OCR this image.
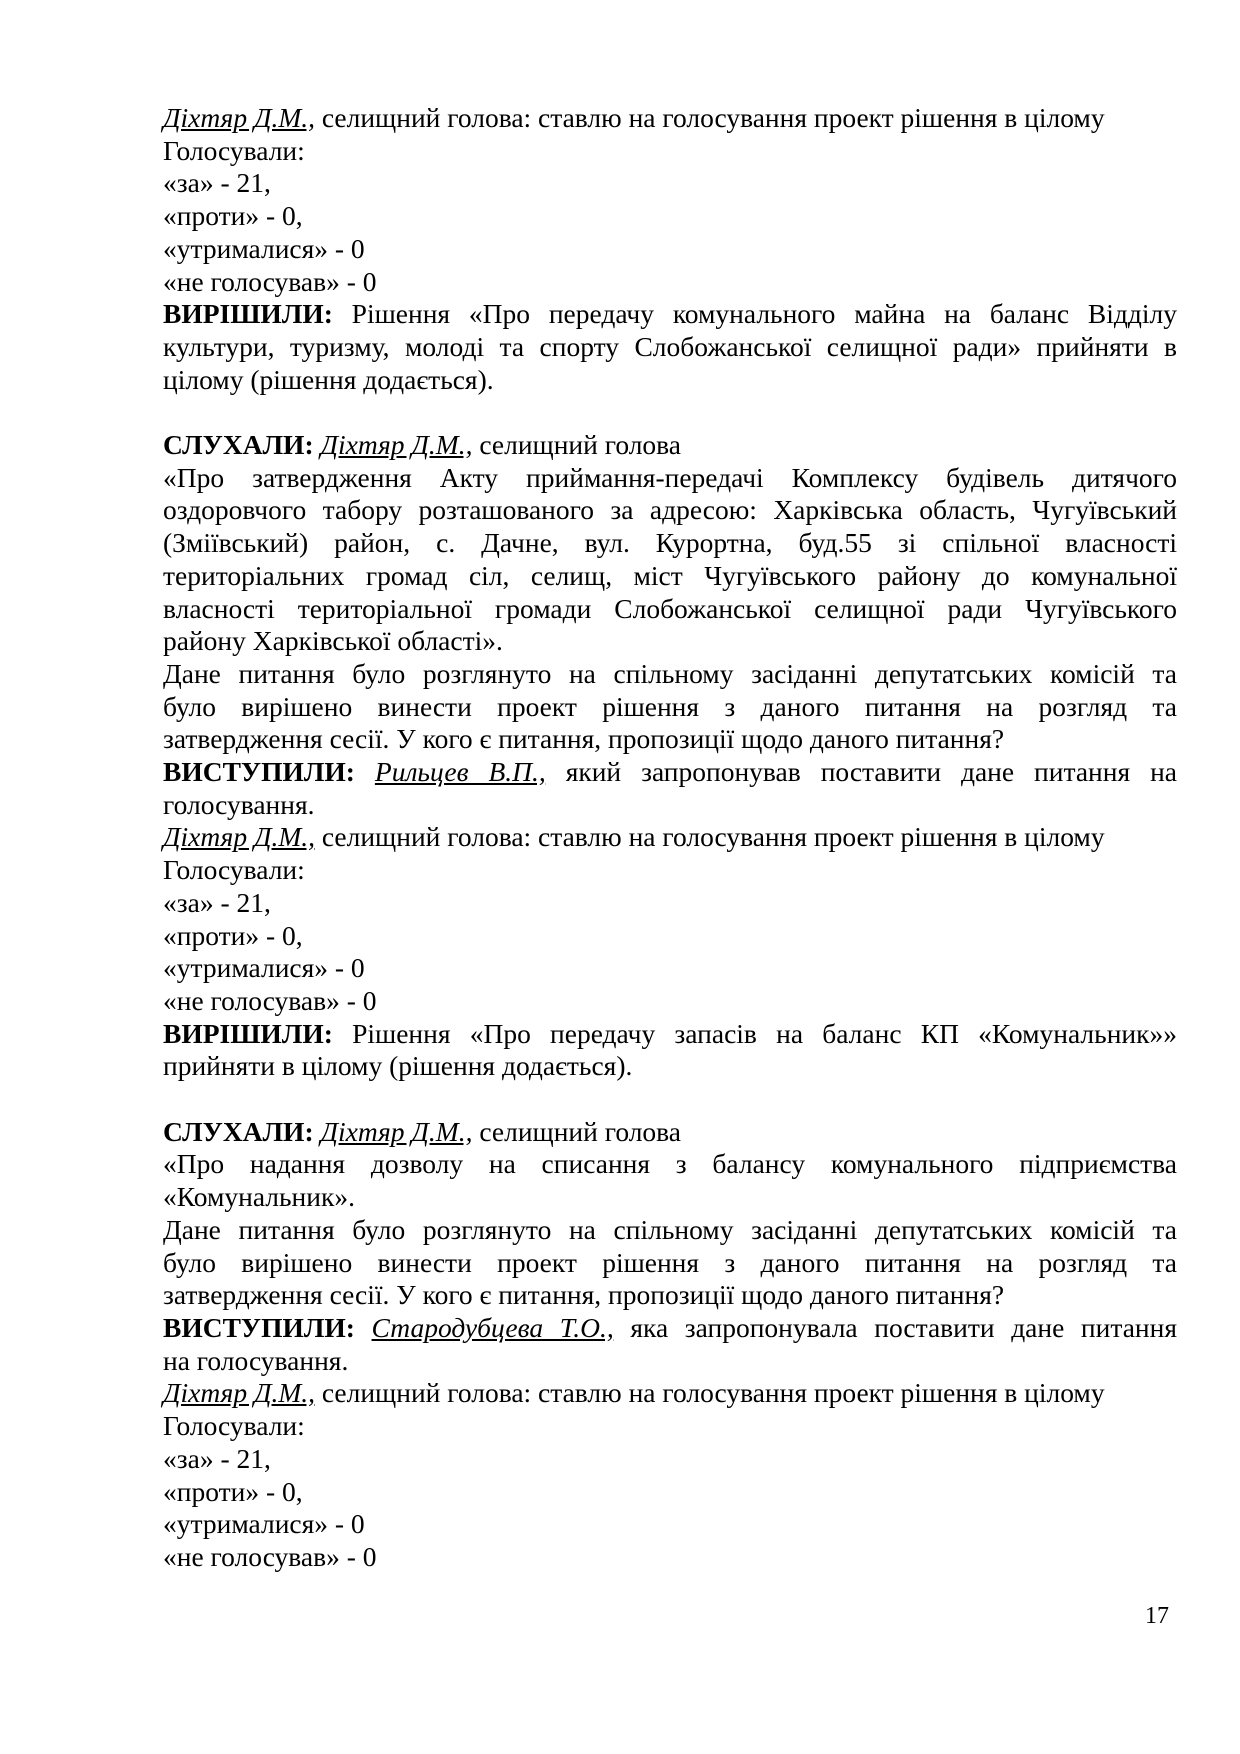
Діхтяр Д.М., селищний голова: ставлю на голосування проект рішення в цілому

Голосували:

«за» - 21,

«проти» - 0,

«утрималися» - 0

«не голосував» - 0

ВИРІШИЛИ: Рішення «Про передачу комунального майна на баланс Відділу

культури, туризму, молоді та спорту Слобожанської селищної ради» прийняти в

цілому (рішення додається).

СЛУХАЛИ: Діхтяр Д.М., селищний голова

«Про затвердження Акту приймання-передачі Комплексу будівель дитячого

оздоровчого табору розташованого за адресою: Харківська область, Чугуївський

(Зміївський) район, с. Дачне, вул. Курортна, буд.55 зі спільної власності

територіальних громад сіл, селищ, міст Чугуївського району до комунальної

власності територіальної громади Слобожанської селищної ради Чугуївського

району Харківської області».

Дане питання було розглянуто на спільному засіданні депутатських комісій та

було вирішено винести проект рішення з даного питання на розгляд та

затвердження сесії. У кого є питання, пропозиції щодо даного питання?

ВИСТУПИЛИ: Рильцев В.П., який запропонував поставити дане питання на

голосування.

Діхтяр Д.М., селищний голова: ставлю на голосування проект рішення в цілому

Голосували:

«за» - 21,

«проти» - 0,

«утрималися» - 0

«не голосував» - 0

ВИРІШИЛИ: Рішення «Про передачу запасів на баланс КП «Комунальник»»

прийняти в цілому (рішення додається).

СЛУХАЛИ: Діхтяр Д.М., селищний голова

«Про надання дозволу на списання з балансу комунального підприємства

«Комунальник».

Дане питання було розглянуто на спільному засіданні депутатських комісій та

було вирішено винести проект рішення з даного питання на розгляд та

затвердження сесії. У кого є питання, пропозиції щодо даного питання?

ВИСТУПИЛИ: Стародубцева Т.О., яка запропонувала поставити дане питання

на голосування.

Діхтяр Д.М., селищний голова: ставлю на голосування проект рішення в цілому

Голосували:

«за» - 21,

«проти» - 0,

«утрималися» - 0

«не голосував» - 0

17
